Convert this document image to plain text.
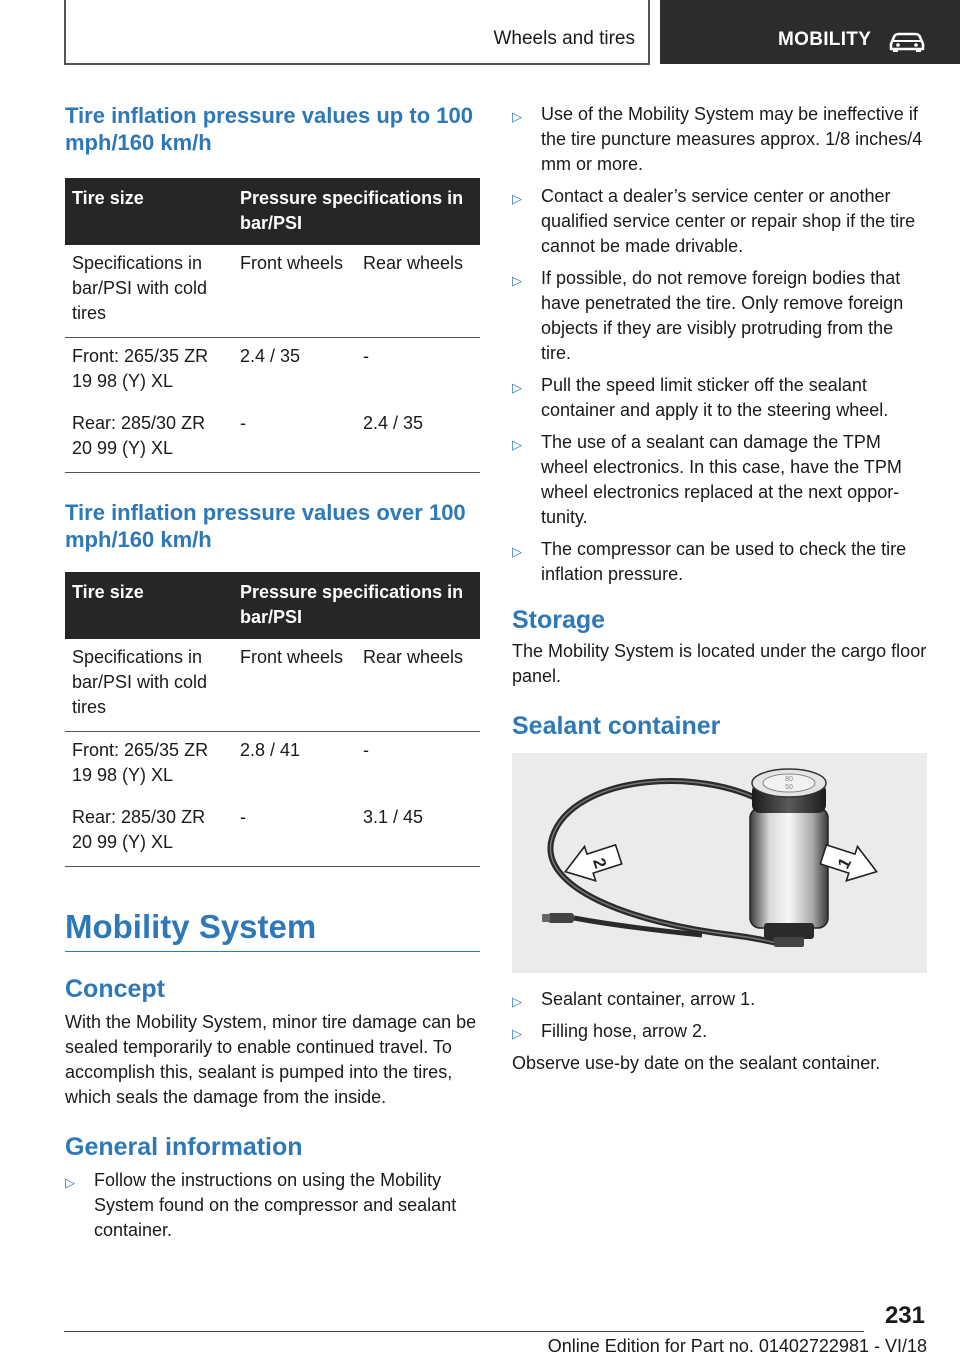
Wheels and tires	MOBILITY
Tire inflation pressure values up to 100 mph/160 km/h
Tire size	Pressure specifications in bar/PSI	
Specifications in bar/PSI with cold tires	Front wheels	Rear wheels
Front: 265/35 ZR 19 98 (Y) XL	2.4 / 35	-
Rear: 285/30 ZR 20 99 (Y) XL	-	2.4 / 35
Tire inflation pressure values over 100 mph/160 km/h
Tire size	Pressure specifications in bar/PSI	
Specifications in bar/PSI with cold tires	Front wheels	Rear wheels
Front: 265/35 ZR 19 98 (Y) XL	2.8 / 41	-
Rear: 285/30 ZR 20 99 (Y) XL	-	3.1 / 45
Mobility System
Concept

With the Mobility System, minor tire damage can be sealed temporarily to enable continued travel. To accomplish this, sealant is pumped into the tires, which seals the damage from the inside.

General information
▷ Follow the instructions on using the Mobility System found on the compressor and sealant container.
▷ Use of the Mobility System may be ineffective if the tire puncture measures approx. 1/8 inches/4 mm or more.
▷ Contact a dealer’s service center or another qualified service center or repair shop if the tire cannot be made drivable.
▷ If possible, do not remove foreign bodies that have penetrated the tire. Only remove foreign objects if they are visibly protruding from the tire.
▷ Pull the speed limit sticker off the sealant container and apply it to the steering wheel.
▷ The use of a sealant can damage the TPM wheel electronics. In this case, have the TPM wheel electronics replaced at the next opportunity.
▷ The compressor can be used to check the tire inflation pressure.
Storage

The Mobility System is located under the cargo floor panel.

Sealant container
80
50
2	1
▷ Sealant container, arrow 1.
▷ Filling hose, arrow 2.

Observe use-by date on the sealant container.

231
Online Edition for Part no. 01402722981 - VI/18
